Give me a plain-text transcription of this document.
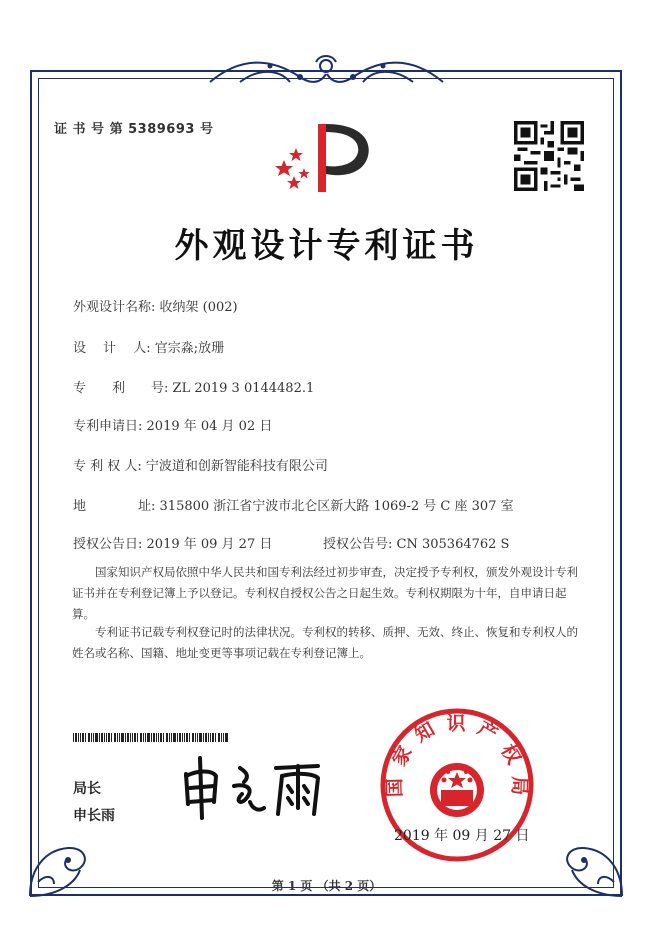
证 书 号 第 5389693 号
外观设计专利证书
外观设计名称: 收纳架 (002)
设　 计　 人: 官宗淼;放珊
专　　利　　号: ZL 2019 3 0144482.1
专利申请日: 2019 年 04 月 02 日
专 利 权 人: 宁波道和创新智能科技有限公司
地　　　　址: 315800 浙江省宁波市北仑区新大路 1069-2 号 C 座 307 室
授权公告日: 2019 年 09 月 27 日	授权公告号: CN 305364762 S
　　国家知识产权局依照中华人民共和国专利法经过初步审查，决定授予专利权，颁发外观设计专利证书并在专利登记簿上予以登记。专利权自授权公告之日起生效。专利权期限为十年，自申请日起算。
　　专利证书记载专利权登记时的法律状况。专利权的转移、质押、无效、终止、恢复和专利权人的姓名或名称、国籍、地址变更等事项记载在专利登记簿上。
局长
申长雨
国 家 知 识 产 权 局
2019 年 09 月 27 日
第 1 页 （共 2 页）
